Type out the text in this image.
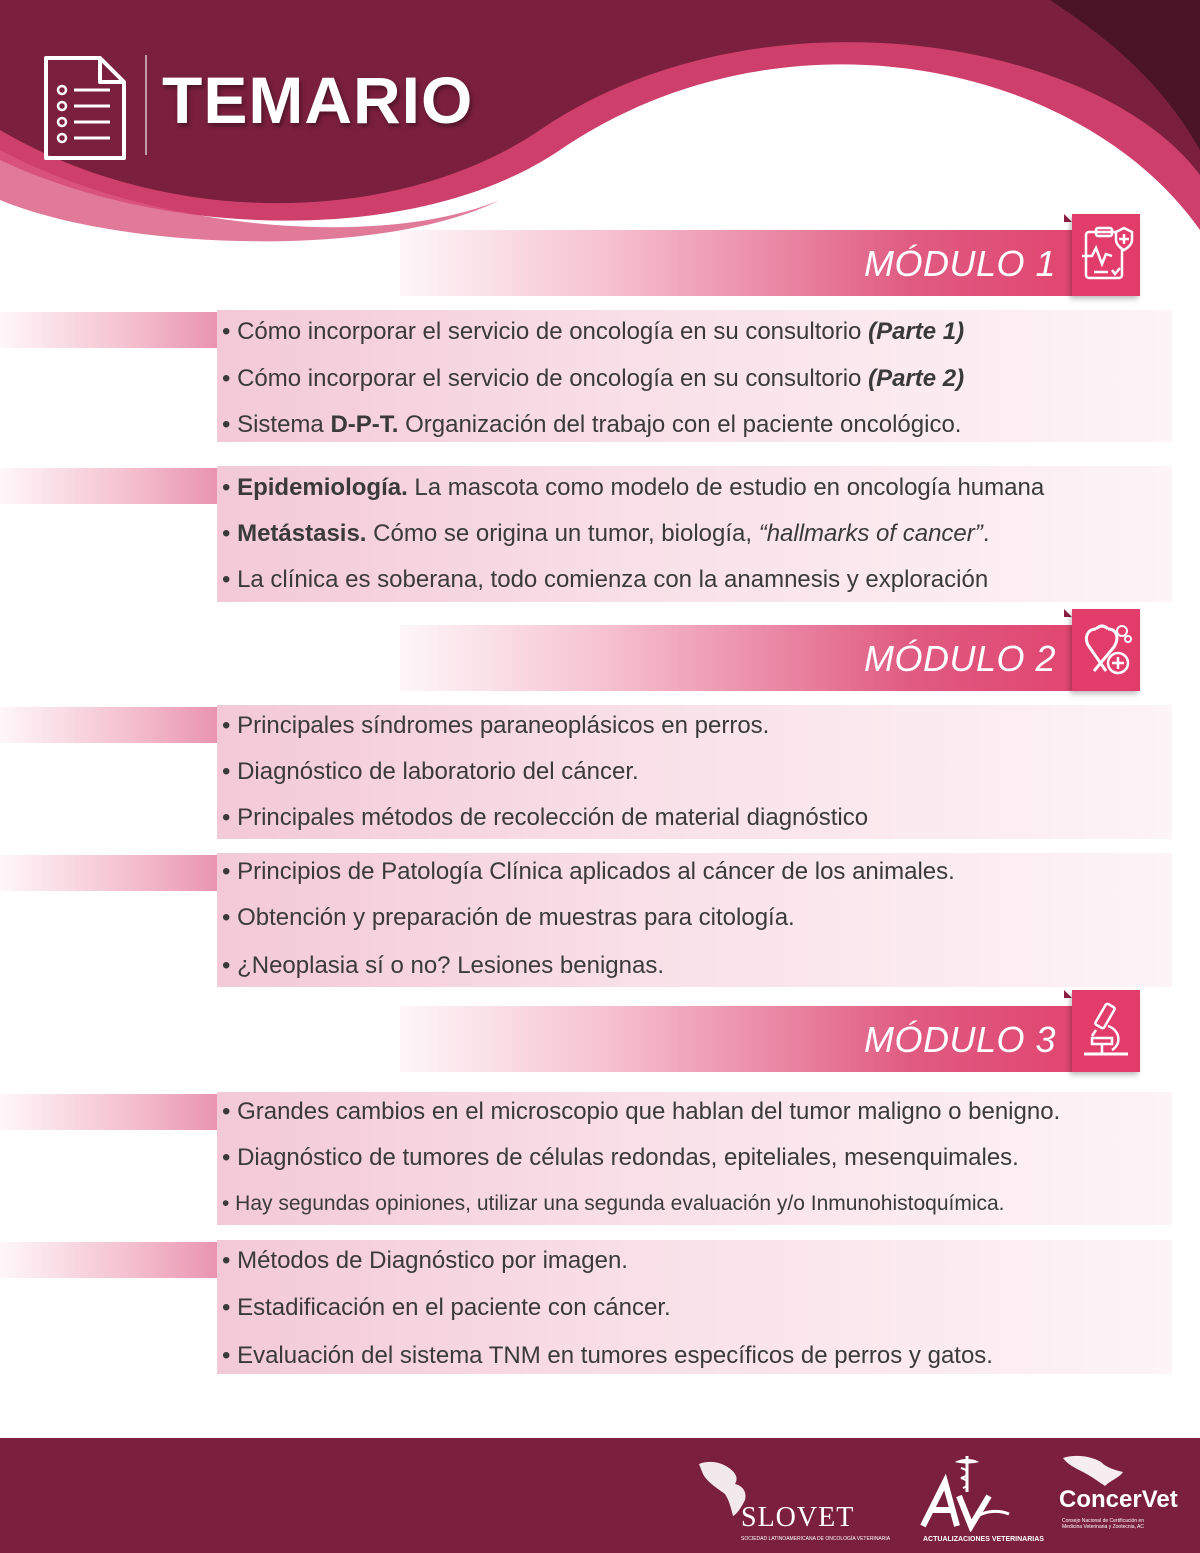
TEMARIO
MÓDULO 1
• Cómo incorporar el servicio de oncología en su consultorio (Parte 1)
• Cómo incorporar el servicio de oncología en su consultorio (Parte 2)
• Sistema D-P-T. Organización del trabajo con el paciente oncológico.
• Epidemiología. La mascota como modelo de estudio en oncología humana
• Metástasis. Cómo se origina un tumor, biología, “hallmarks of cancer”.
• La clínica es soberana, todo comienza con la anamnesis y exploración
MÓDULO 2
• Principales síndromes paraneoplásicos en perros.
• Diagnóstico de laboratorio del cáncer.
• Principales métodos de recolección de material diagnóstico
• Principios de Patología Clínica aplicados al cáncer de los animales.
• Obtención y preparación de muestras para citología.
• ¿Neoplasia sí o no? Lesiones benignas.
MÓDULO 3
• Grandes cambios en el microscopio que hablan del tumor maligno o benigno.
• Diagnóstico de tumores de células redondas, epiteliales, mesenquimales.
• Hay segundas opiniones, utilizar una segunda evaluación y/o Inmunohistoquímica.
• Métodos de Diagnóstico por imagen.
• Estadificación en el paciente con cáncer.
• Evaluación del sistema TNM en tumores específicos de perros y gatos.
SLOVET
SOCIEDAD LATINOAMERICANA DE ONCOLOGÍA VETERINARIA	ACTUALIZACIONES VETERINARIAS
ConcerVet
Consejo Nacional de Certificación en Medicina Veterinaria y Zootecnia, AC
